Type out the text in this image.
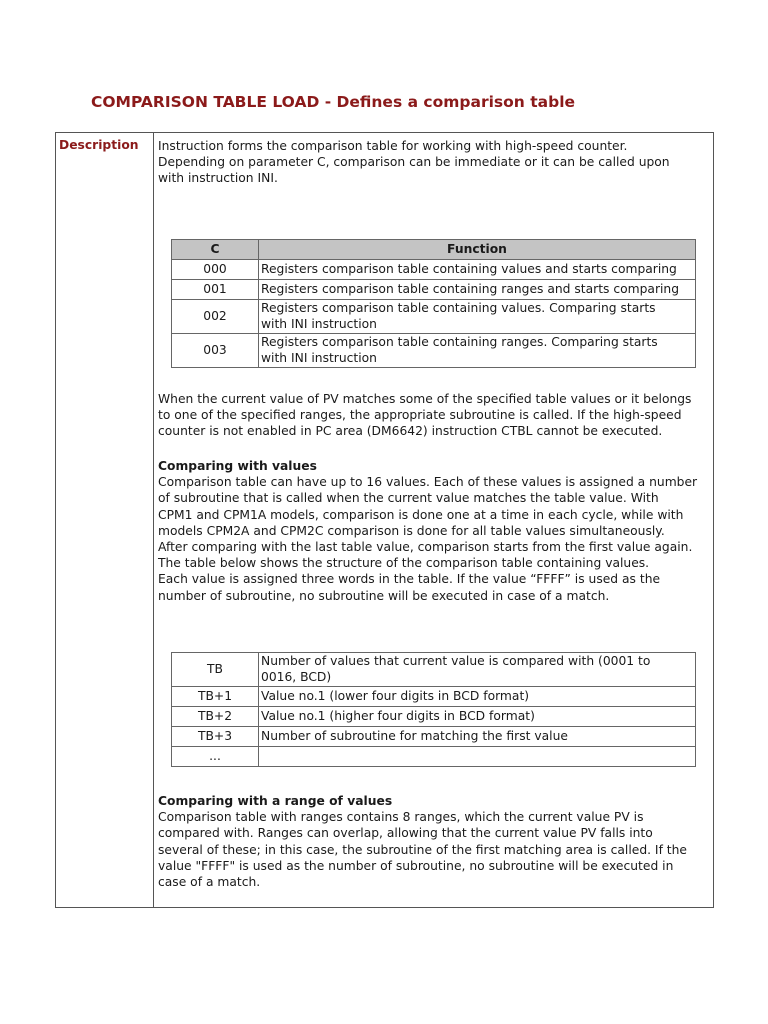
COMPARISON TABLE LOAD - Defines a comparison table
Description	Instruction forms the comparison table for working with high-speed counter.
Depending on parameter C, comparison can be immediate or it can be called upon
with instruction INI.

C	Function
000	Registers comparison table containing values and starts comparing

001	Registers comparison table containing ranges and starts comparing

002	Registers comparison table containing values. Comparing starts
with INI instruction

003	Registers comparison table containing ranges. Comparing starts
with INI instruction

When the current value of PV matches some of the specified table values or it belongs
to one of the specified ranges, the appropriate subroutine is called. If the high-speed
counter is not enabled in PC area (DM6642) instruction CTBL cannot be executed.

Comparing with values
Comparison table can have up to 16 values. Each of these values is assigned a number
of subroutine that is called when the current value matches the table value. With
CPM1 and CPM1A models, comparison is done one at a time in each cycle, while with
models CPM2A and CPM2C comparison is done for all table values simultaneously.
After comparing with the last table value, comparison starts from the first value again.
The table below shows the structure of the comparison table containing values.
Each value is assigned three words in the table. If the value “FFFF” is used as the
number of subroutine, no subroutine will be executed in case of a match.

TB	Number of values that current value is compared with (0001 to
0016, BCD)

TB+1	Value no.1 (lower four digits in BCD format)

TB+2	Value no.1 (higher four digits in BCD format)

TB+3	Number of subroutine for matching the first value

...	

Comparing with a range of values
Comparison table with ranges contains 8 ranges, which the current value PV is
compared with. Ranges can overlap, allowing that the current value PV falls into
several of these; in this case, the subroutine of the first matching area is called. If the
value "FFFF" is used as the number of subroutine, no subroutine will be executed in
case of a match.
